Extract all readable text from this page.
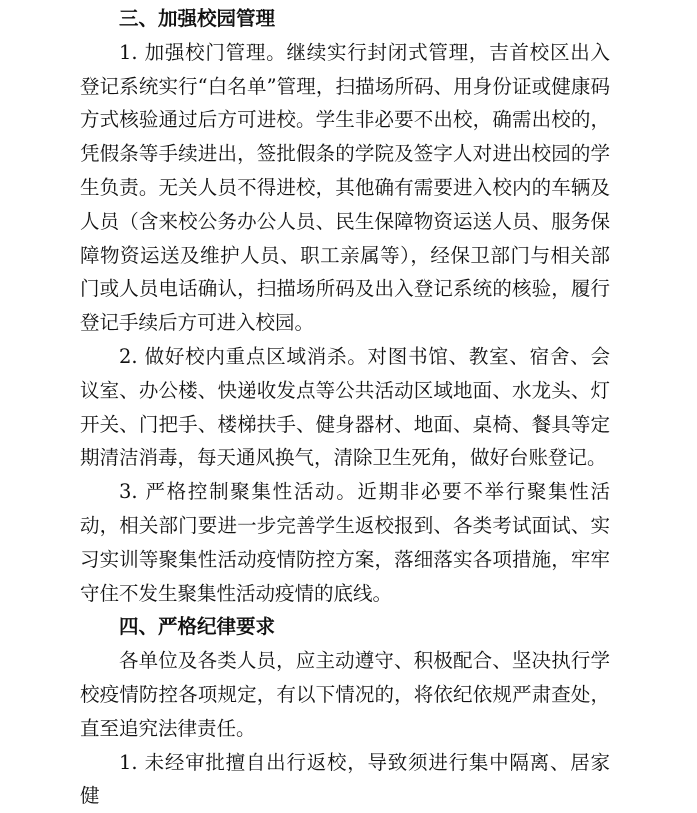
三、加强校园管理

1. 加强校门管理。继续实行封闭式管理，吉首校区出入登记系统实行“白名单”管理，扫描场所码、用身份证或健康码方式核验通过后方可进校。学生非必要不出校，确需出校的，凭假条等手续进出，签批假条的学院及签字人对进出校园的学生负责。无关人员不得进校，其他确有需要进入校内的车辆及人员（含来校公务办公人员、民生保障物资运送人员、服务保障物资运送及维护人员、职工亲属等），经保卫部门与相关部门或人员电话确认，扫描场所码及出入登记系统的核验，履行登记手续后方可进入校园。

2. 做好校内重点区域消杀。对图书馆、教室、宿舍、会议室、办公楼、快递收发点等公共活动区域地面、水龙头、灯开关、门把手、楼梯扶手、健身器材、地面、桌椅、餐具等定期清洁消毒，每天通风换气，清除卫生死角，做好台账登记。

3. 严格控制聚集性活动。近期非必要不举行聚集性活动，相关部门要进一步完善学生返校报到、各类考试面试、实习实训等聚集性活动疫情防控方案，落细落实各项措施，牢牢守住不发生聚集性活动疫情的底线。

四、严格纪律要求

各单位及各类人员，应主动遵守、积极配合、坚决执行学校疫情防控各项规定，有以下情况的，将依纪依规严肃查处，直至追究法律责任。

1. 未经审批擅自出行返校，导致须进行集中隔离、居家健
